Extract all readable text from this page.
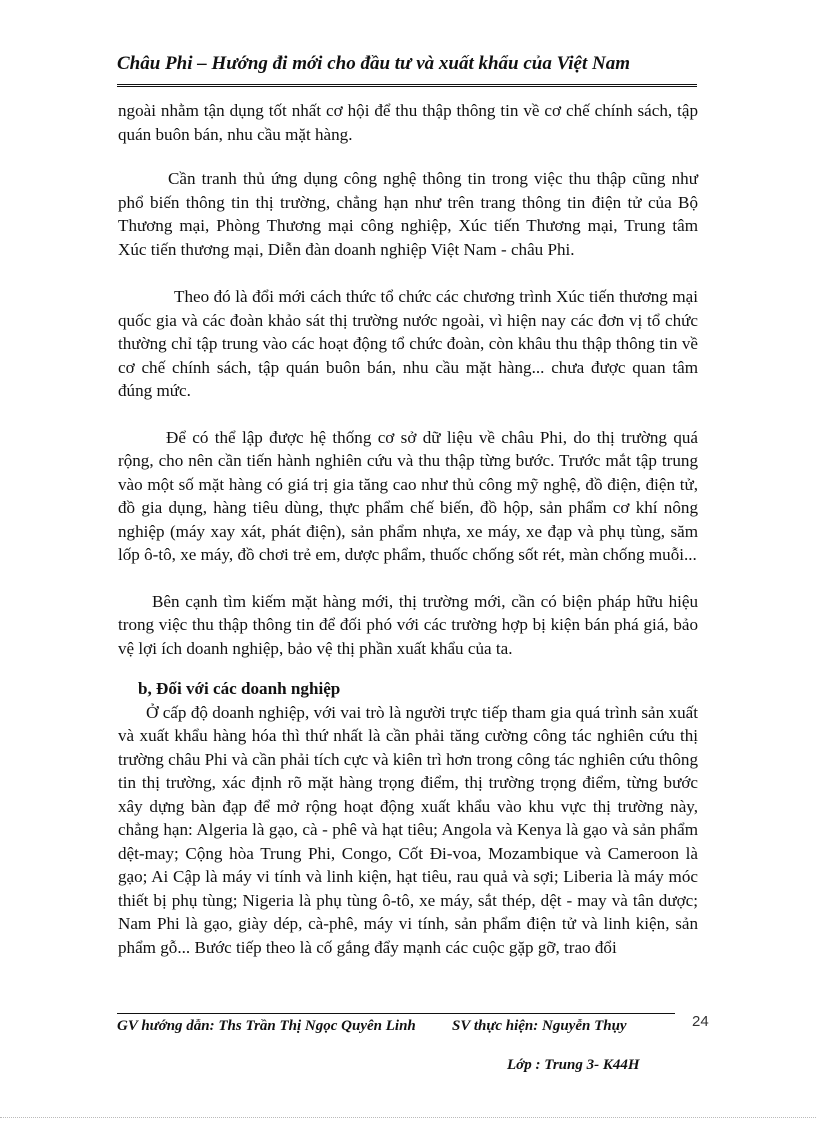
Châu Phi – Hướng đi mới cho đầu tư và xuất khẩu của Việt Nam

ngoài nhằm tận dụng tốt nhất cơ hội để thu thập thông tin về cơ chế chính sách, tập quán buôn bán, nhu cầu mặt hàng.

Cần tranh thủ ứng dụng công nghệ thông tin trong việc thu thập cũng như phổ biến thông tin thị trường, chẳng hạn như trên trang thông tin điện tử của Bộ Thương mại, Phòng Thương mại công nghiệp, Xúc tiến Thương mại, Trung tâm Xúc tiến thương mại, Diễn đàn doanh nghiệp Việt Nam - châu Phi.

Theo đó là đổi mới cách thức tổ chức các chương trình Xúc tiến thương mại quốc gia và các đoàn khảo sát thị trường nước ngoài, vì hiện nay các đơn vị tổ chức thường chỉ tập trung vào các hoạt động tổ chức đoàn, còn khâu thu thập thông tin về cơ chế chính sách, tập quán buôn bán, nhu cầu mặt hàng... chưa được quan tâm đúng mức.

Để có thể lập được hệ thống cơ sở dữ liệu về châu Phi, do thị trường quá rộng, cho nên cần tiến hành nghiên cứu và thu thập từng bước. Trước mắt tập trung vào một số mặt hàng có giá trị gia tăng cao như thủ công mỹ nghệ, đồ điện, điện tử, đồ gia dụng, hàng tiêu dùng, thực phẩm chế biến, đồ hộp, sản phẩm cơ khí nông nghiệp (máy xay xát, phát điện), sản phẩm nhựa, xe máy, xe đạp và phụ tùng, săm lốp ô-tô, xe máy, đồ chơi trẻ em, dược phẩm, thuốc chống sốt rét, màn chống muỗi...

Bên cạnh tìm kiếm mặt hàng mới, thị trường mới, cần có biện pháp hữu hiệu trong việc thu thập thông tin để đối phó với các trường hợp bị kiện bán phá giá, bảo vệ lợi ích doanh nghiệp, bảo vệ thị phần xuất khẩu của ta.

b, Đối với các doanh nghiệp

Ở cấp độ doanh nghiệp, với vai trò là người trực tiếp tham gia quá trình sản xuất và xuất khẩu hàng hóa thì thứ nhất là cần phải tăng cường công tác nghiên cứu thị trường châu Phi và cần phải tích cực và kiên trì hơn trong công tác nghiên cứu thông tin thị trường, xác định rõ mặt hàng trọng điểm, thị trường trọng điểm, từng bước xây dựng bàn đạp để mở rộng hoạt động xuất khẩu vào khu vực thị trường này, chẳng hạn: Algeria là gạo, cà - phê và hạt tiêu; Angola và Kenya là gạo và sản phẩm dệt-may; Cộng hòa Trung Phi, Congo, Cốt Đi-voa, Mozambique và Cameroon là gạo; Ai Cập là máy vi tính và linh kiện, hạt tiêu, rau quả và sợi; Liberia là máy móc thiết bị phụ tùng; Nigeria là phụ tùng ô-tô, xe máy, sắt thép, dệt - may và tân dược; Nam Phi là gạo, giày dép, cà-phê, máy vi tính, sản phẩm điện tử và linh kiện, sản phẩm gỗ... Bước tiếp theo là cố gắng đẩy mạnh các cuộc gặp gỡ, trao đổi

GV hướng dẫn: Ths Trần Thị Ngọc Quyên Linh SV thực hiện: Nguyễn Thụy
Lớp : Trung 3- K44H
24
